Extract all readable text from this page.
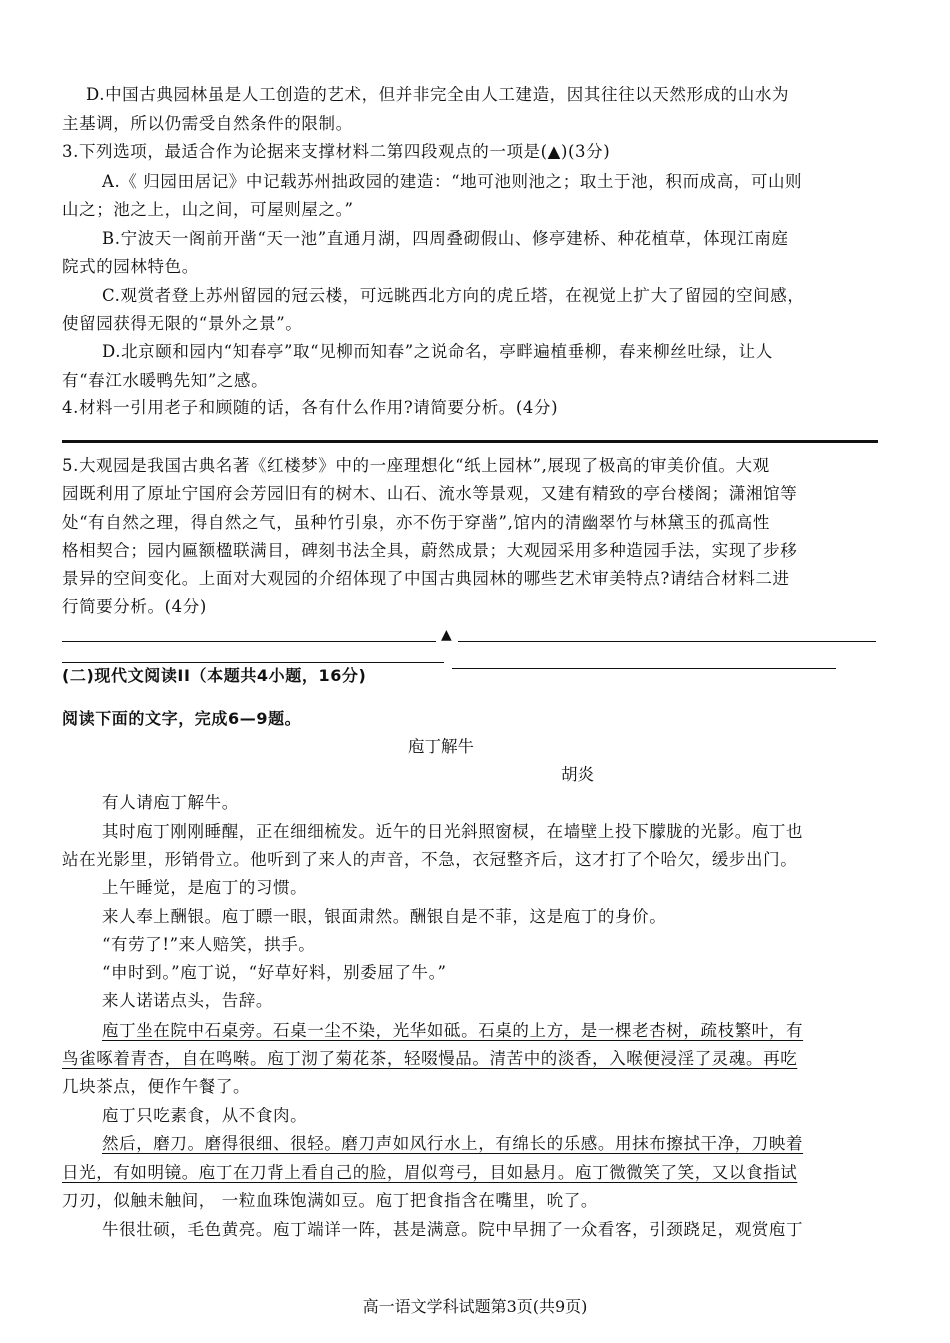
D.中国古典园林虽是人工创造的艺术，但并非完全由人工建造，因其往往以天然形成的山水为
主基调，所以仍需受自然条件的限制。
3.下列选项，最适合作为论据来支撑材料二第四段观点的一项是(▲)(3分)
A.《 归园田居记》中记载苏州拙政园的建造：“地可池则池之；取土于池，积而成高，可山则
山之；池之上，山之间，可屋则屋之。”
B.宁波天一阁前开凿“天一池”直通月湖，四周叠砌假山、修亭建桥、种花植草，体现江南庭
院式的园林特色。
C.观赏者登上苏州留园的冠云楼，可远眺西北方向的虎丘塔，在视觉上扩大了留园的空间感，
使留园获得无限的“景外之景”。
D.北京颐和园内“知春亭”取“见柳而知春”之说命名，亭畔遍植垂柳，春来柳丝吐绿，让人
有“春江水暖鸭先知”之感。
4.材料一引用老子和顾随的话，各有什么作用?请简要分析。(4分)
5.大观园是我国古典名著《红楼梦》中的一座理想化“纸上园林”,展现了极高的审美价值。大观
园既利用了原址宁国府会芳园旧有的树木、山石、流水等景观，又建有精致的亭台楼阁；潇湘馆等
处“有自然之理，得自然之气，虽种竹引泉，亦不伤于穿凿”,馆内的清幽翠竹与林黛玉的孤高性
格相契合；园内匾额楹联满目，碑刻书法全具，蔚然成景；大观园采用多种造园手法，实现了步移
景异的空间变化。上面对大观园的介绍体现了中国古典园林的哪些艺术审美特点?请结合材料二进
行简要分析。(4分)
▲
(二)现代文阅读II（本题共4小题，16分)
阅读下面的文字，完成6—9题。
庖丁解牛
胡炎
有人请庖丁解牛。
其时庖丁刚刚睡醒，正在细细梳发。近午的日光斜照窗棂，在墙壁上投下朦胧的光影。庖丁也
站在光影里，形销骨立。他听到了来人的声音，不急，衣冠整齐后，这才打了个哈欠，缓步出门。
上午睡觉，是庖丁的习惯。
来人奉上酬银。庖丁瞟一眼，银面肃然。酬银自是不菲，这是庖丁的身价。
“有劳了!”来人赔笑，拱手。
“申时到。”庖丁说，“好草好料，别委屈了牛。”
来人诺诺点头，告辞。
庖丁坐在院中石桌旁。石桌一尘不染，光华如砥。石桌的上方，是一棵老杏树，疏枝繁叶，有
鸟雀啄着青杏，自在鸣啭。庖丁沏了菊花茶，轻啜慢品。清苦中的淡香，入喉便浸淫了灵魂。再吃
几块茶点，便作午餐了。
庖丁只吃素食，从不食肉。
然后，磨刀。磨得很细、很轻。磨刀声如风行水上，有绵长的乐感。用抹布擦拭干净，刀映着
日光，有如明镜。庖丁在刀背上看自己的脸，眉似弯弓，目如悬月。庖丁微微笑了笑，又以食指试
刀刃，似触未触间， 一粒血珠饱满如豆。庖丁把食指含在嘴里，吮了。
牛很壮硕，毛色黄亮。庖丁端详一阵，甚是满意。院中早拥了一众看客，引颈跷足，观赏庖丁
高一语文学科试题第3页(共9页)
